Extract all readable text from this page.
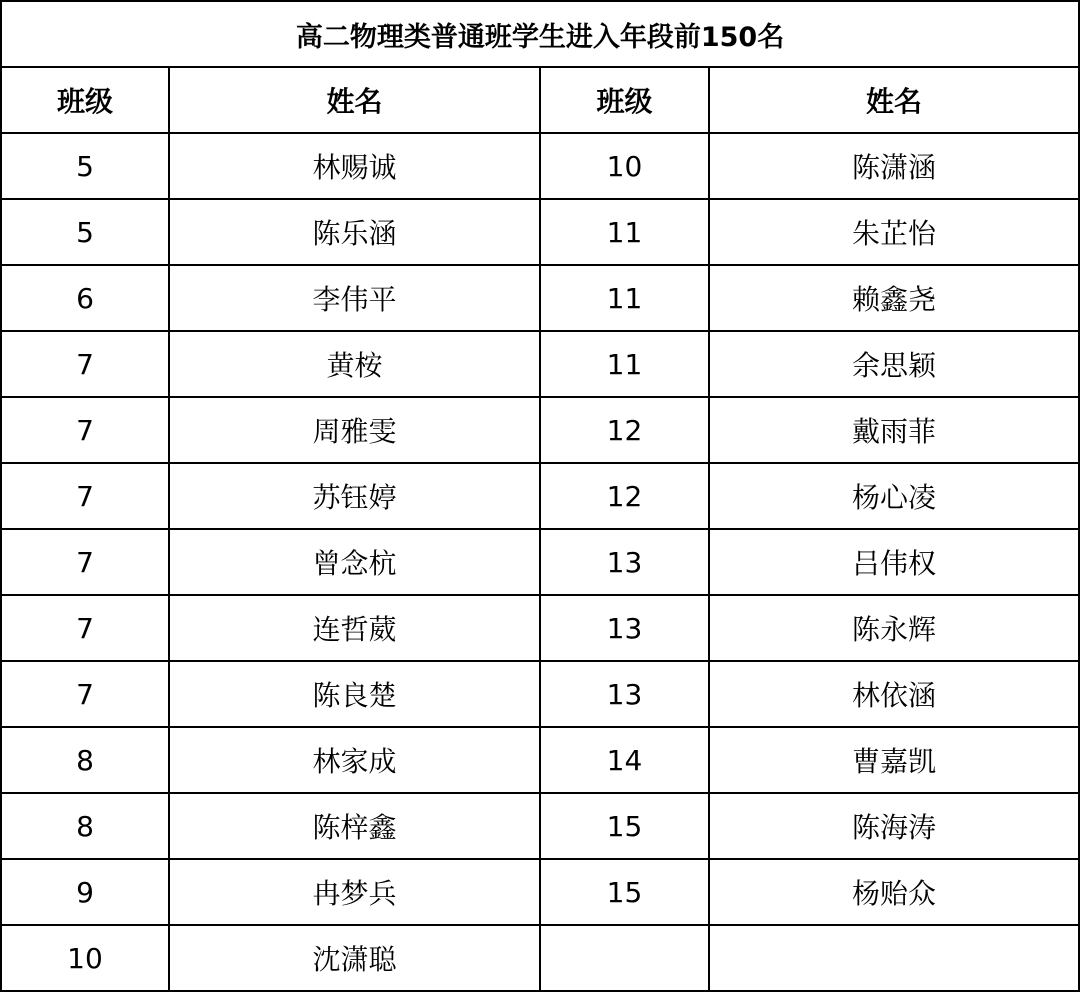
高二物理类普通班学生进入年段前150名			
班级	姓名	班级	姓名
5	林赐诚	10	陈潇涵
5	陈乐涵	11	朱芷怡
6	李伟平	11	赖鑫尧
7	黄桉	11	余思颖
7	周雅雯	12	戴雨菲
7	苏钰婷	12	杨心凌
7	曾念杭	13	吕伟权
7	连哲葳	13	陈永辉
7	陈良楚	13	林依涵
8	林家成	14	曹嘉凯
8	陈梓鑫	15	陈海涛
9	冉梦兵	15	杨贻众
10	沈潇聪		
